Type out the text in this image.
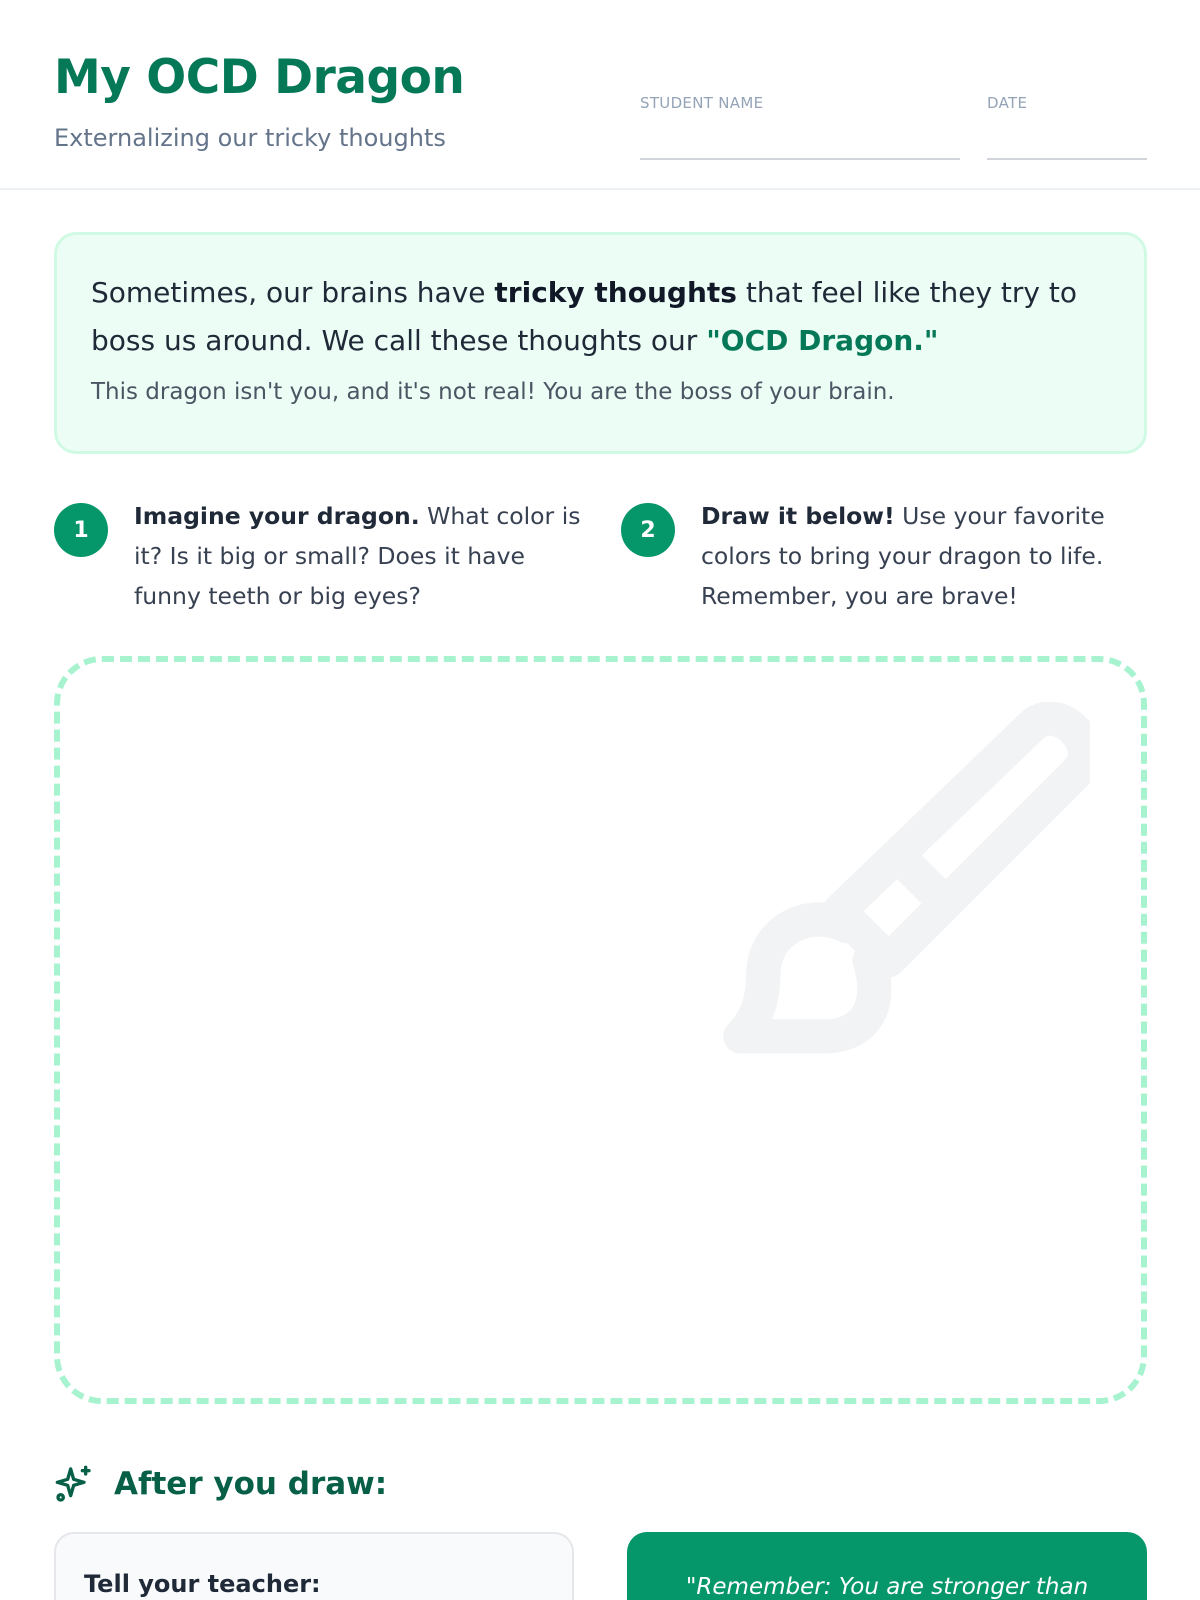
My OCD Dragon
Externalizing our tricky thoughts
STUDENT NAME	DATE

Sometimes, our brains have tricky thoughts that feel like they try to boss us around. We call these thoughts our "OCD Dragon."

This dragon isn't you, and it's not real! You are the boss of your brain.

1	Imagine your dragon. What color is it? Is it big or small? Does it have funny teeth or big eyes?

2	Draw it below! Use your favorite colors to bring your dragon to life. Remember, you are brave!

After you draw:
Tell your teacher:	"Remember: You are stronger than
